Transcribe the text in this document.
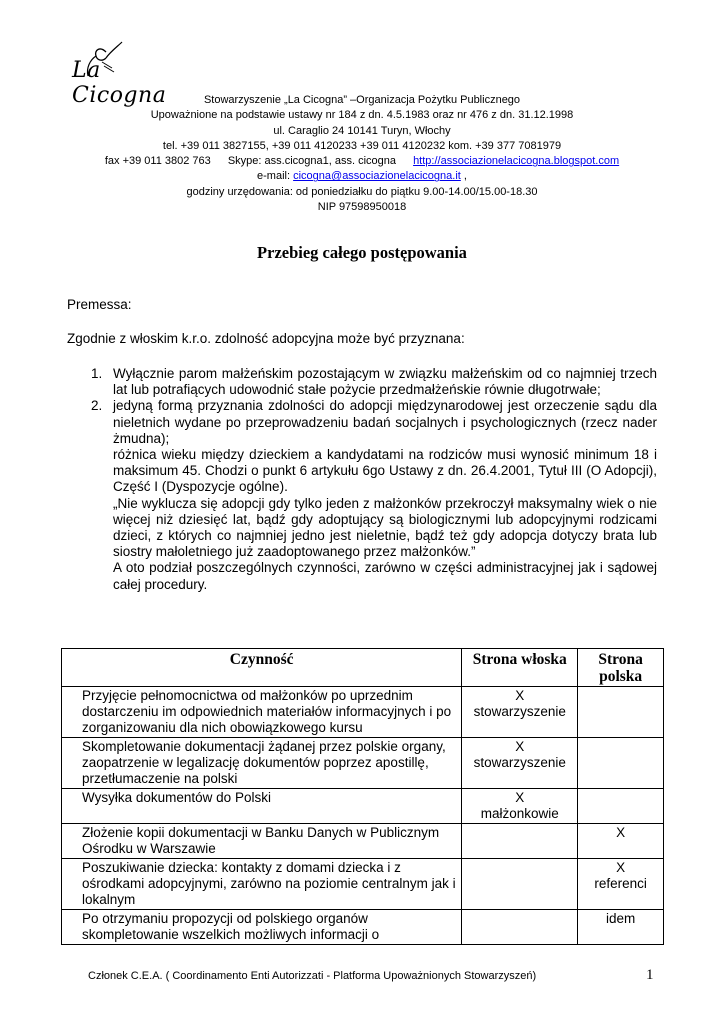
La Cicogna	Stowarzyszenie „La Cicogna” –Organizacja Pożytku Publicznego
Upoważnione na podstawie ustawy nr 184 z dn. 4.5.1983 oraz nr 476 z dn. 31.12.1998
ul. Caraglio 24 10141 Turyn, Włochy
tel. +39 011 3827155, +39 011 4120233 +39 011 4120232 kom. +39 377 7081979
fax +39 011 3802 763 Skype: ass.cicogna1, ass. cicogna http://associazionelacicogna.blogspot.com
e-mail: cicogna@associazionelacicogna.it ,
godziny urzędowania: od poniedziałku do piątku 9.00-14.00/15.00-18.30
NIP 97598950018
Przebieg całego postępowania
Premessa:
Zgodnie z włoskim k.r.o. zdolność adopcyjna może być przyznana:
1. Wyłącznie parom małżeńskim pozostającym w związku małżeńskim od co najmniej trzech lat lub potrafiących udowodnić stałe pożycie przedmałżeńskie równie długotrwałe;
2. jedyną formą przyznania zdolności do adopcji międzynarodowej jest orzeczenie sądu dla nieletnich wydane po przeprowadzeniu badań socjalnych i psychologicznych (rzecz nader żmudna);
różnica wieku między dzieckiem a kandydatami na rodziców musi wynosić minimum 18 i maksimum 45. Chodzi o punkt 6 artykułu 6go Ustawy z dn. 26.4.2001, Tytuł III (O Adopcji), Część I (Dyspozycje ogólne).
„Nie wyklucza się adopcji gdy tylko jeden z małżonków przekroczył maksymalny wiek o nie więcej niż dziesięć lat, bądź gdy adoptujący są biologicznymi lub adopcyjnymi rodzicami dzieci, z których co najmniej jedno jest nieletnie, bądź też gdy adopcja dotyczy brata lub siostry małoletniego już zaadoptowanego przez małżonków.”
A oto podział poszczególnych czynności, zarówno w części administracyjnej jak i sądowej całej procedury.
Czynność	Strona włoska	Strona polska
Przyjęcie pełnomocnictwa od małżonków po uprzednim dostarczeniu im odpowiednich materiałów informacyjnych i po zorganizowaniu dla nich obowiązkowego kursu	X
stowarzyszenie	
Skompletowanie dokumentacji żądanej przez polskie organy, zaopatrzenie w legalizację dokumentów poprzez apostillę, przetłumaczenie na polski	X
stowarzyszenie	
Wysyłka dokumentów do Polski	X
małżonkowie	
Złożenie kopii dokumentacji w Banku Danych w Publicznym Ośrodku w Warszawie		X
Poszukiwanie dziecka: kontakty z domami dziecka i z ośrodkami adopcyjnymi, zarówno na poziomie centralnym jak i lokalnym		X
referenci
Po otrzymaniu propozycji od polskiego organów skompletowanie wszelkich możliwych informacji o		idem
Członek C.E.A. ( Coordinamento Enti Autorizzati - Platforma Upoważnionych Stowarzyszeń)	1
